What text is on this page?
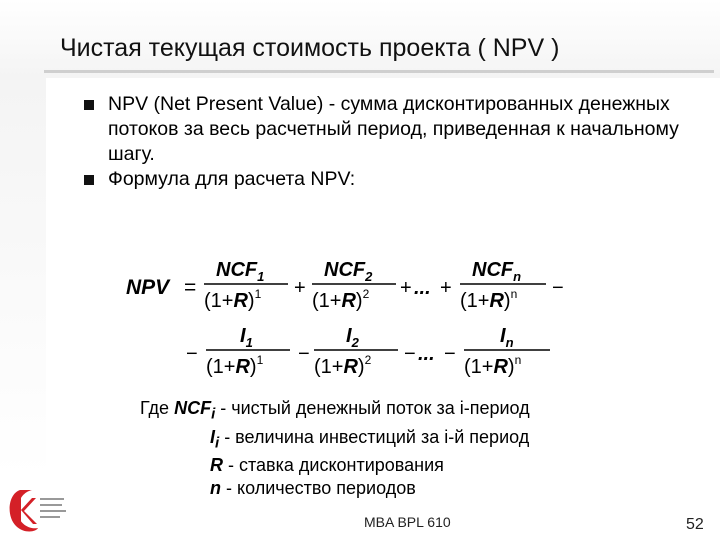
Чистая текущая стоимость проекта ( NPV )
NPV (Net Present Value) - сумма дисконтированных денежных потоков за весь расчетный период, приведенная к начальному шагу.
Формула для расчета NPV:
NPV =
$NCF_1$
$(1+R)^1$ +
$NCF_2$
$(1+R)^2$ + ... +
$NCF_n$
$(1+R)^n$ −
−
$I_1$
$(1+R)^1$ −
$I_2$
$(1+R)^2$ − ... −
$I_n$
$(1+R)^n$
Где $NCF_i$ - чистый денежный поток за i-период
$I_i$ - величина инвестиций за i-й период
R - ставка дисконтирования
n - количество периодов
MBA BPL 610	52
